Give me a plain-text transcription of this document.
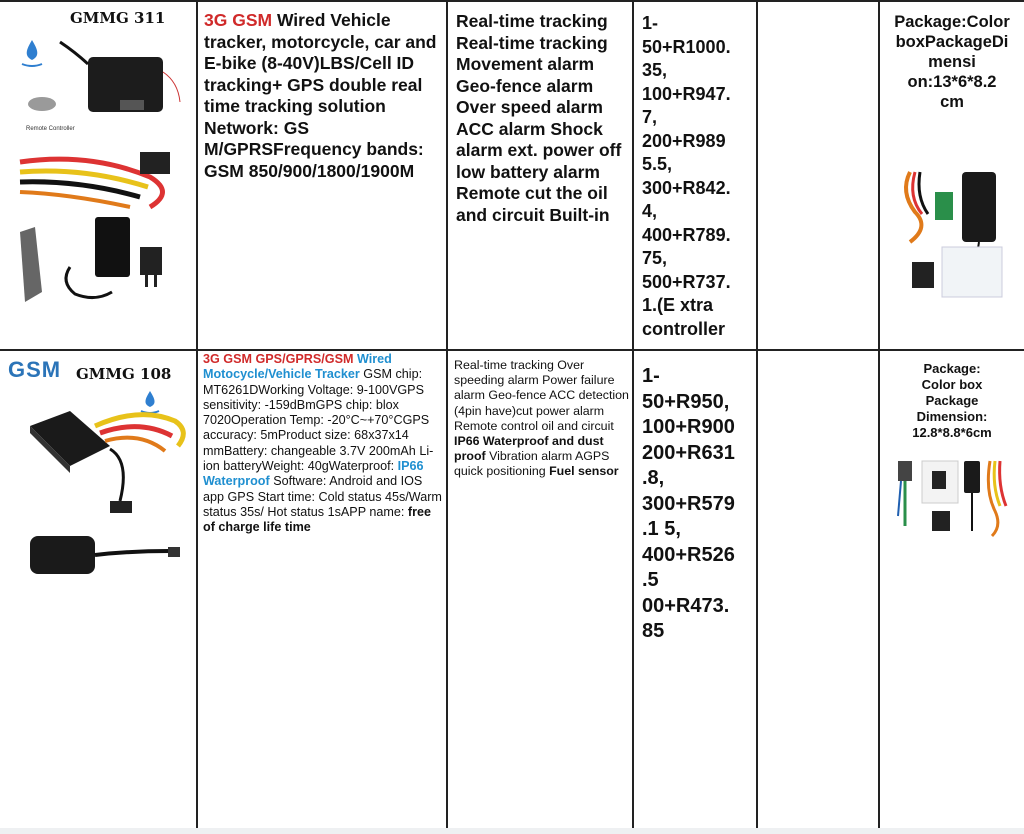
GMMG 311
Remote Controller
3G GSM Wired Vehicle tracker, motorcycle, car and E-bike (8-40V)LBS/Cell ID tracking+ GPS double real time tracking solution Network: GS M/GPRSFrequency bands: GSM 850/900/1800/1900M
Real-time tracking Real-time tracking Movement alarm Geo-fence alarm Over speed alarm ACC alarm Shock alarm ext. power off low battery alarm Remote cut the oil and circuit Built-in
1-
50+R1000.
35,
100+R947.
7,
200+R989
5.5,
300+R842.
4,
400+R789.
75,
500+R737.
1.(E xtra
controller
Package:Color
boxPackageDi
mensi
on:13*6*8.2
cm
GSM GMMG 108
3G GSM GPS/GPRS/GSM Wired Motocycle/Vehicle Tracker GSM chip: MT6261DWorking Voltage: 9-100VGPS sensitivity: -159dBmGPS chip: blox 7020Operation Temp: -20°C~+70°CGPS accuracy: 5mProduct size: 68x37x14 mmBattery: changeable 3.7V 200mAh Li-ion batteryWeight: 40gWaterproof: IP66 Waterproof Software: Android and IOS app GPS Start time: Cold status 45s/Warm status 35s/ Hot status 1sAPP name: free of charge life time
Real-time tracking Over speeding alarm Power failure alarm Geo-fence ACC detection (4pin have)cut power alarm Remote control oil and circuit IP66 Waterproof and dust proof Vibration alarm AGPS quick positioning Fuel sensor
1-
50+R950,
100+R900
200+R631
.8,
300+R579
.1 5,
400+R526
.5
00+R473.
85
Package:
Color box
Package
Dimension:
12.8*8.8*6cm
